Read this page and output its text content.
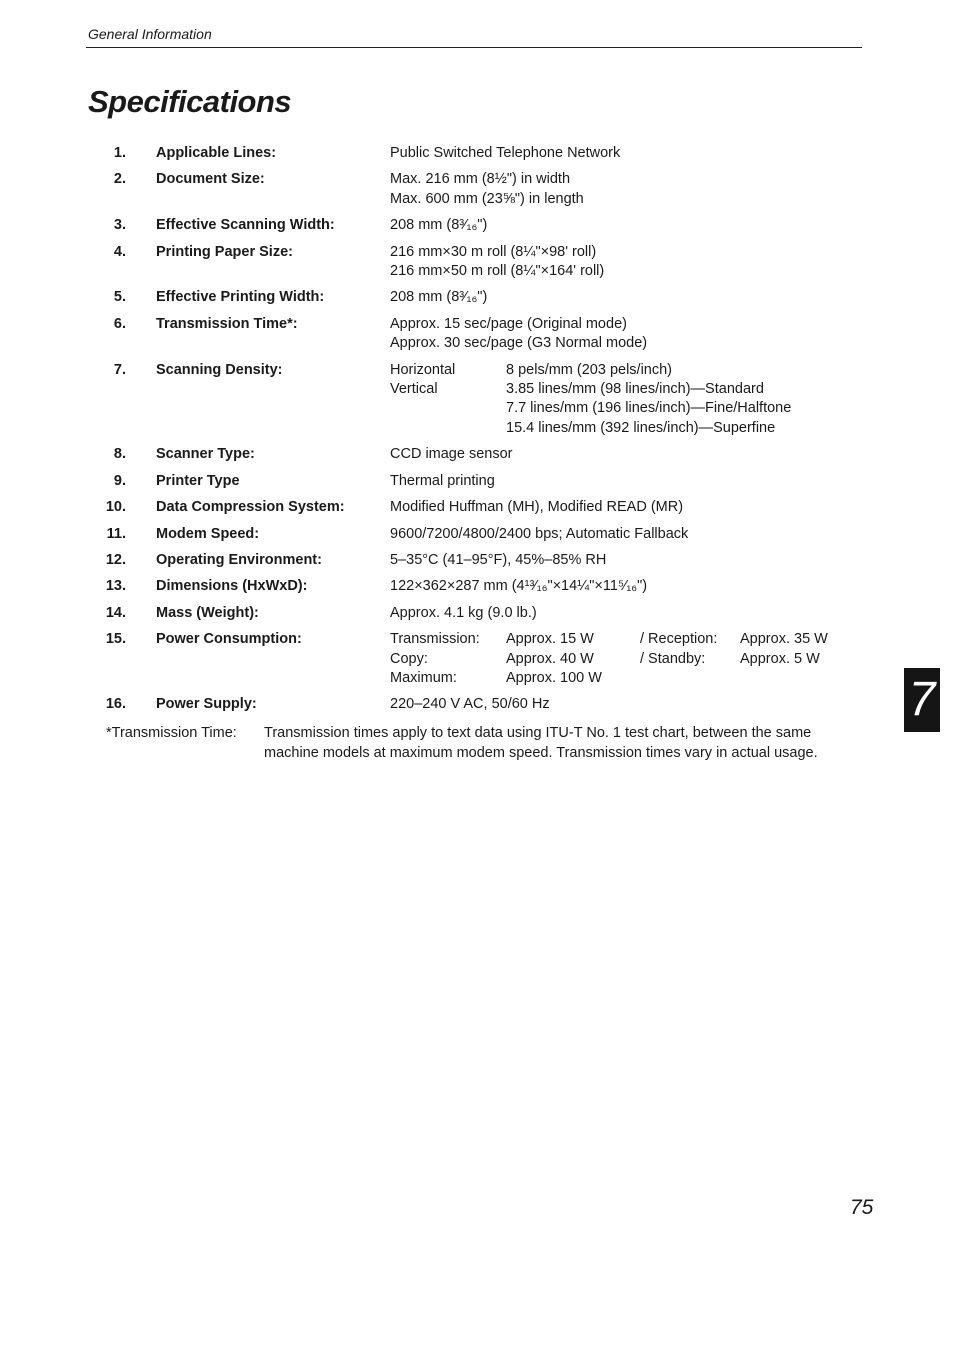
General Information
Specifications
1. Applicable Lines:	Public Switched Telephone Network
2. Document Size:	Max. 216 mm (8½") in width
Max. 600 mm (23⅝") in length
3. Effective Scanning Width:	208 mm (8³⁄₁₆")
4. Printing Paper Size:	216 mm×30 m roll (8¼"×98' roll)
216 mm×50 m roll (8¼"×164' roll)
5. Effective Printing Width:	208 mm (8³⁄₁₆")
6. Transmission Time*:	Approx. 15 sec/page (Original mode)
Approx. 30 sec/page (G3 Normal mode)
7. Scanning Density:	Horizontal	8 pels/mm (203 pels/inch)
Vertical	3.85 lines/mm (98 lines/inch)—Standard
7.7 lines/mm (196 lines/inch)—Fine/Halftone
15.4 lines/mm (392 lines/inch)—Superfine
8. Scanner Type:	CCD image sensor
9. Printer Type	Thermal printing
10. Data Compression System:	Modified Huffman (MH), Modified READ (MR)
11. Modem Speed:	9600/7200/4800/2400 bps; Automatic Fallback
12. Operating Environment:	5–35°C (41–95°F), 45%–85% RH
13. Dimensions (HxWxD):	122×362×287 mm (4¹³⁄₁₆"×14¼"×11⁵⁄₁₆")
14. Mass (Weight):	Approx. 4.1 kg (9.0 lb.)
15. Power Consumption:	Transmission:	Approx. 15 W	/ Reception:	Approx. 35 W
Copy:	Approx. 40 W	/ Standby:	Approx. 5 W
Maximum:	Approx. 100 W
16. Power Supply:	220–240 V AC, 50/60 Hz
*Transmission Time:	Transmission times apply to text data using ITU-T No. 1 test chart, between the same machine models at maximum modem speed. Transmission times vary in actual usage.
7
75
